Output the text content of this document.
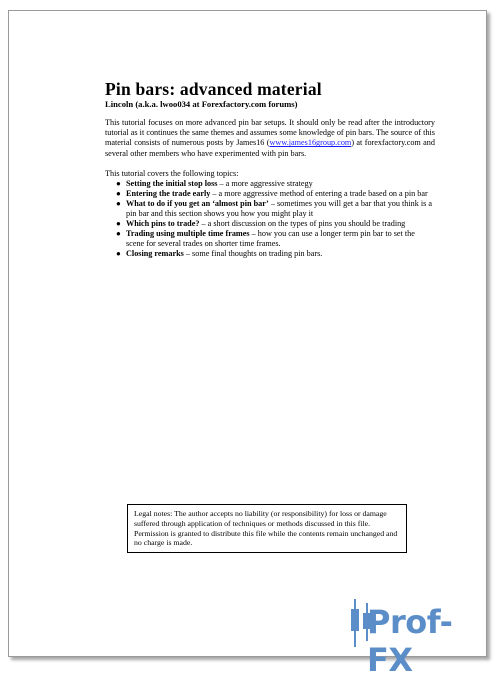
Pin bars: advanced material
Lincoln (a.k.a. lwoo034 at Forexfactory.com forums)

This tutorial focuses on more advanced pin bar setups. It should only be read after the introductory tutorial as it continues the same themes and assumes some knowledge of pin bars. The source of this material consists of numerous posts by James16 (www.james16group.com) at forexfactory.com and several other members who have experimented with pin bars.

This tutorial covers the following topics:

● Setting the initial stop loss – a more aggressive strategy
● Entering the trade early – a more aggressive method of entering a trade based on a pin bar
● What to do if you get an ‘almost pin bar’ – sometimes you will get a bar that you think is a pin bar and this section shows you how you might play it
● Which pins to trade? – a short discussion on the types of pins you should be trading
● Trading using multiple time frames – how you can use a longer term pin bar to set the scene for several trades on shorter time frames.
● Closing remarks – some final thoughts on trading pin bars.
Legal notes: The author accepts no liability (or responsibility) for loss or damage suffered through application of techniques or methods discussed in this file. Permission is granted to distribute this file while the contents remain unchanged and no charge is made.
Prof-FX
